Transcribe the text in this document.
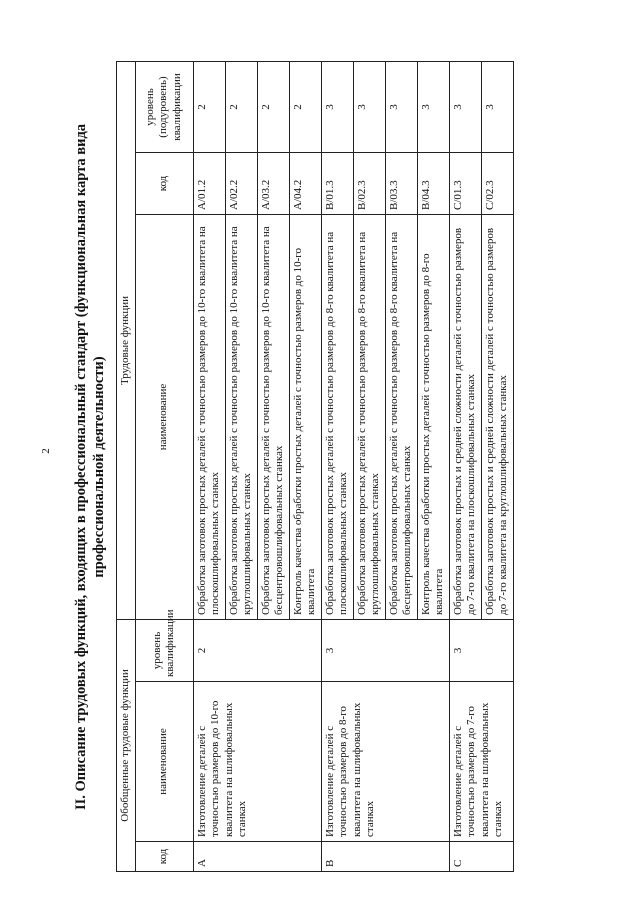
2 II. Описание трудовых функций, входящих в профессиональный стандарт (функциональная карта вида профессиональной деятельности)
Обобщенные трудовые функции			Трудовые функции		
код	наименование	уровень квалификации	наименование	код	уровень (подуровень) квалификации
A	Изготовление деталей с точностью размеров до 10-го квалитета на шлифовальных станках	2	Обработка заготовок простых деталей с точностью размеров до 10-го квалитета на плоскошлифовальных станках	A/01.2	2
			Обработка заготовок простых деталей с точностью размеров до 10-го квалитета на круглошлифовальных станках	A/02.2	2
			Обработка заготовок простых деталей с точностью размеров до 10-го квалитета на бесцентровошлифовальных станках	A/03.2	2
			Контроль качества обработки простых деталей с точностью размеров до 10-го квалитета	A/04.2	2
B	Изготовление деталей с точностью размеров до 8-го квалитета на шлифовальных станках	3	Обработка заготовок простых деталей с точностью размеров до 8-го квалитета на плоскошлифовальных станках	B/01.3	3
			Обработка заготовок простых деталей с точностью размеров до 8-го квалитета на круглошлифовальных станках	B/02.3	3
			Обработка заготовок простых деталей с точностью размеров до 8-го квалитета на бесцентровошлифовальных станках	B/03.3	3
			Контроль качества обработки простых деталей с точностью размеров до 8-го квалитета	B/04.3	3
C	Изготовление деталей с точностью размеров до 7-го квалитета на шлифовальных станках	3	Обработка заготовок простых и средней сложности деталей с точностью размеров до 7-го квалитета на плоскошлифовальных станках	C/01.3	3
			Обработка заготовок простых и средней сложности деталей с точностью размеров до 7-го квалитета на круглошлифовальных станках	C/02.3	3
